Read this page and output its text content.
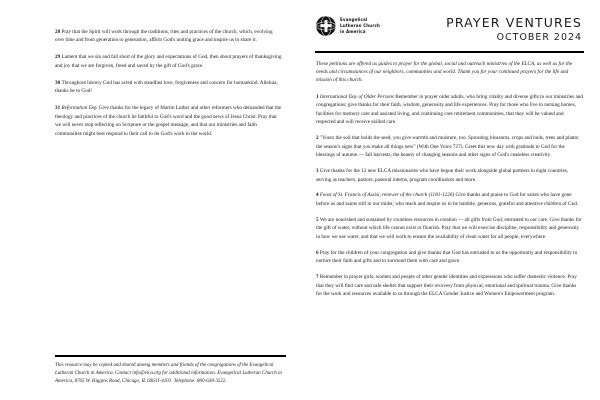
28 Pray that the Spirit will work through the traditions, rites and practices of the church, which, evolving over time and from generation to generation, affirm God's uniting grace and inspire us to share it.

29 Lament that we sin and fall short of the glory and expectations of God, then shout prayers of thanksgiving and joy that we are forgiven, freed and saved by the gift of God's grace.

30 Throughout history God has acted with steadfast love, forgiveness and concern for humankind. Alleluia, thanks be to God!

31 Reformation Day Give thanks for the legacy of Martin Luther and other reformers who demanded that the theology and practices of the church be faithful to God's word and the good news of Jesus Christ. Pray that we will never stop reflecting on Scripture or the gospel message, and that our ministries and faith communities might best respond to their call to do God's work in the world.

This resource may be copied and shared among members and friends of the congregations of the Evangelical Lutheran Church in America. Contact info@elca.org for additional information. Evangelical Lutheran Church in America, 8765 W. Higgins Road, Chicago, IL 60631-4101. Telephone: 800-638-3522.
Evangelical
Lutheran Church
in America
PRAYER VENTURES
OCTOBER 2024
These petitions are offered as guides to prayer for the global, social and outreach ministries of the ELCA, as well as for the needs and circumstances of our neighbors, communities and world. Thank you for your continued prayers for the life and mission of this church.

1 International Day of Older Persons Remember in prayer older adults, who bring vitality and diverse gifts to our ministries and congregations; give thanks for their faith, wisdom, generosity and life experiences. Pray for those who live in nursing homes, facilities for memory care and assisted living, and continuing care retirement communities, that they will be valued and respected and will receive skilled care.

2 "Yours the soil that holds the seed, you give warmth and moisture, too. Sprouting blossoms, crops and buds, trees and plants: the season's signs that you make all things new" (With One Voice 727). Greet this new day with gratitude to God for the blessings of autumn — fall harvests, the beauty of changing seasons and other signs of God's ceaseless creativity.

3 Give thanks for the 13 new ELCA missionaries who have begun their work alongside global partners in eight countries, serving as teachers, pastors, pastoral interns, program coordinators and more.

4 Feast of St. Francis of Assisi, renewer of the church (1181-1226) Give thanks and praise to God for saints who have gone before us and saints still in our midst, who teach and inspire us to be humble, generous, grateful and attentive children of God.

5 We are nourished and sustained by countless resources in creation — all gifts from God, entrusted to our care. Give thanks for the gift of water, without which life cannot exist or flourish. Pray that we will exercise discipline, responsibility and generosity in how we use water, and that we will work to ensure the availability of clean water for all people, everywhere.

6 Pray for the children of your congregation and give thanks that God has entrusted to us the opportunity and responsibility to nurture their faith and gifts and to surround them with care and grace.

7 Remember in prayer girls, women and people of other gender identities and expressions who suffer domestic violence. Pray that they will find care and safe shelter that support their recovery from physical, emotional and spiritual trauma. Give thanks for the work and resources available to us through the ELCA Gender Justice and Women's Empowerment program.
